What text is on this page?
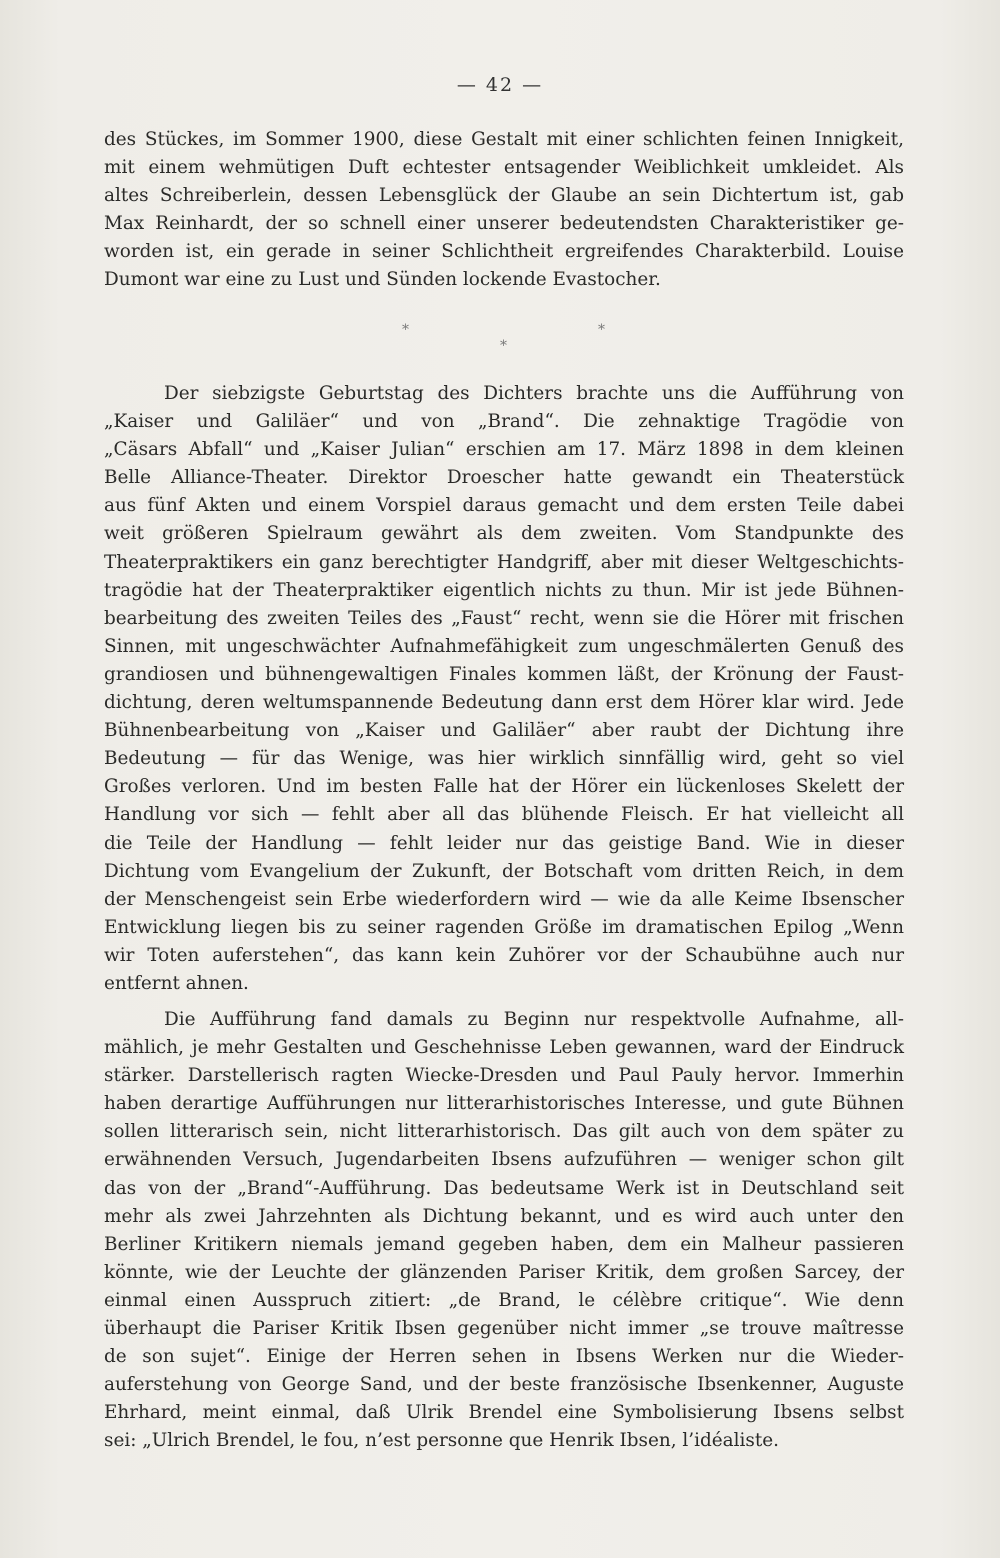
— 42 —
des Stückes, im Sommer 1900, diese Gestalt mit einer schlichten feinen Innigkeit,
mit einem wehmütigen Duft echtester entsagender Weiblichkeit umkleidet. Als
altes Schreiberlein, dessen Lebensglück der Glaube an sein Dichtertum ist, gab
Max Reinhardt, der so schnell einer unserer bedeutendsten Charakteristiker ge-
worden ist, ein gerade in seiner Schlichtheit ergreifendes Charakterbild. Louise
Dumont war eine zu Lust und Sünden lockende Evastocher.
*	*
*
Der siebzigste Geburtstag des Dichters brachte uns die Aufführung von
„Kaiser und Galiläer“ und von „Brand“. Die zehnaktige Tragödie von
„Cäsars Abfall“ und „Kaiser Julian“ erschien am 17. März 1898 in dem kleinen
Belle Alliance-Theater. Direktor Droescher hatte gewandt ein Theaterstück
aus fünf Akten und einem Vorspiel daraus gemacht und dem ersten Teile dabei
weit größeren Spielraum gewährt als dem zweiten. Vom Standpunkte des
Theaterpraktikers ein ganz berechtigter Handgriff, aber mit dieser Weltgeschichts-
tragödie hat der Theaterpraktiker eigentlich nichts zu thun. Mir ist jede Bühnen-
bearbeitung des zweiten Teiles des „Faust“ recht, wenn sie die Hörer mit frischen
Sinnen, mit ungeschwächter Aufnahmefähigkeit zum ungeschmälerten Genuß des
grandiosen und bühnengewaltigen Finales kommen läßt, der Krönung der Faust-
dichtung, deren weltumspannende Bedeutung dann erst dem Hörer klar wird. Jede
Bühnenbearbeitung von „Kaiser und Galiläer“ aber raubt der Dichtung ihre
Bedeutung — für das Wenige, was hier wirklich sinnfällig wird, geht so viel
Großes verloren. Und im besten Falle hat der Hörer ein lückenloses Skelett der
Handlung vor sich — fehlt aber all das blühende Fleisch. Er hat vielleicht all
die Teile der Handlung — fehlt leider nur das geistige Band. Wie in dieser
Dichtung vom Evangelium der Zukunft, der Botschaft vom dritten Reich, in dem
der Menschengeist sein Erbe wiederfordern wird — wie da alle Keime Ibsenscher
Entwicklung liegen bis zu seiner ragenden Größe im dramatischen Epilog „Wenn
wir Toten auferstehen“, das kann kein Zuhörer vor der Schaubühne auch nur
entfernt ahnen.
Die Aufführung fand damals zu Beginn nur respektvolle Aufnahme, all-
mählich, je mehr Gestalten und Geschehnisse Leben gewannen, ward der Eindruck
stärker. Darstellerisch ragten Wiecke-Dresden und Paul Pauly hervor. Immerhin
haben derartige Aufführungen nur litterarhistorisches Interesse, und gute Bühnen
sollen litterarisch sein, nicht litterarhistorisch. Das gilt auch von dem später zu
erwähnenden Versuch, Jugendarbeiten Ibsens aufzuführen — weniger schon gilt
das von der „Brand“-Aufführung. Das bedeutsame Werk ist in Deutschland seit
mehr als zwei Jahrzehnten als Dichtung bekannt, und es wird auch unter den
Berliner Kritikern niemals jemand gegeben haben, dem ein Malheur passieren
könnte, wie der Leuchte der glänzenden Pariser Kritik, dem großen Sarcey, der
einmal einen Ausspruch zitiert: „de Brand, le célèbre critique“. Wie denn
überhaupt die Pariser Kritik Ibsen gegenüber nicht immer „se trouve maîtresse
de son sujet“. Einige der Herren sehen in Ibsens Werken nur die Wieder-
auferstehung von George Sand, und der beste französische Ibsenkenner, Auguste
Ehrhard, meint einmal, daß Ulrik Brendel eine Symbolisierung Ibsens selbst
sei: „Ulrich Brendel, le fou, n’est personne que Henrik Ibsen, l’idéaliste.
